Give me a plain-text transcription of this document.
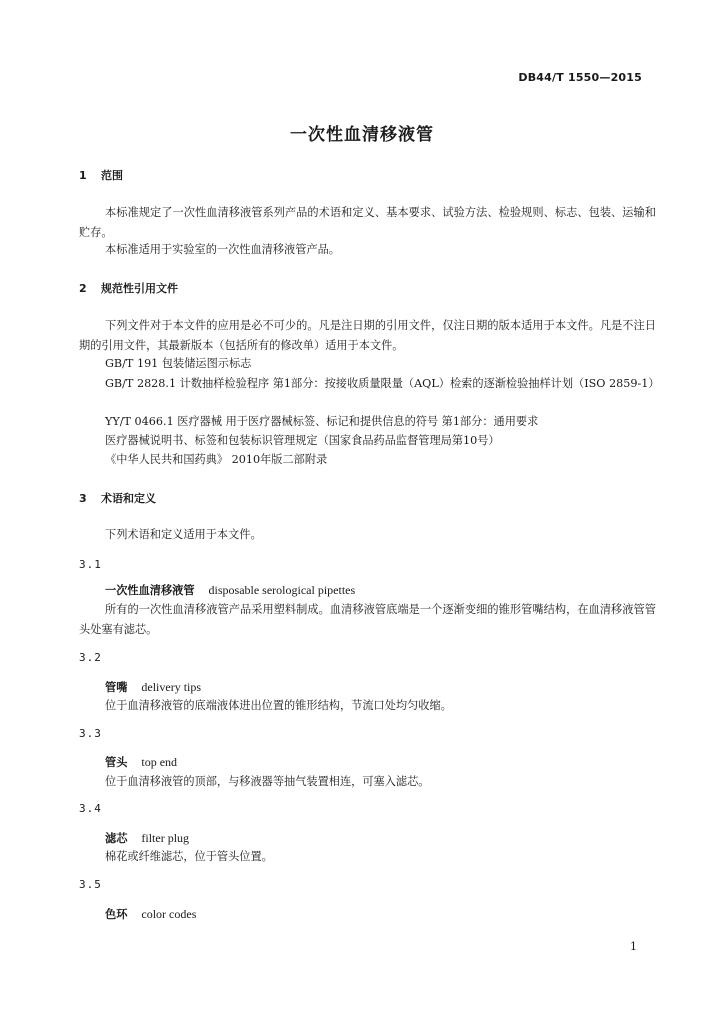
DB44/T 1550—2015
一次性血清移液管
1 范围
本标准规定了一次性血清移液管系列产品的术语和定义、基本要求、试验方法、检验规则、标志、包装、运输和贮存。
本标准适用于实验室的一次性血清移液管产品。
2 规范性引用文件
下列文件对于本文件的应用是必不可少的。凡是注日期的引用文件，仅注日期的版本适用于本文件。凡是不注日期的引用文件，其最新版本（包括所有的修改单）适用于本文件。
GB/T 191 包装储运图示标志
GB/T 2828.1 计数抽样检验程序 第1部分：按接收质量限量（AQL）检索的逐渐检验抽样计划（ISO 2859-1）
YY/T 0466.1 医疗器械 用于医疗器械标签、标记和提供信息的符号 第1部分：通用要求
医疗器械说明书、标签和包装标识管理规定（国家食品药品监督管理局第10号）
《中华人民共和国药典》 2010年版二部附录
3 术语和定义
下列术语和定义适用于本文件。
3.1
一次性血清移液管 disposable serological pipettes
所有的一次性血清移液管产品采用塑料制成。血清移液管底端是一个逐渐变细的锥形管嘴结构，在血清移液管管头处塞有滤芯。
3.2
管嘴 delivery tips
位于血清移液管的底端液体进出位置的锥形结构，节流口处均匀收缩。
3.3
管头 top end
位于血清移液管的顶部，与移液器等抽气装置相连，可塞入滤芯。
3.4
滤芯 filter plug
棉花或纤维滤芯，位于管头位置。
3.5
色环 color codes
1
